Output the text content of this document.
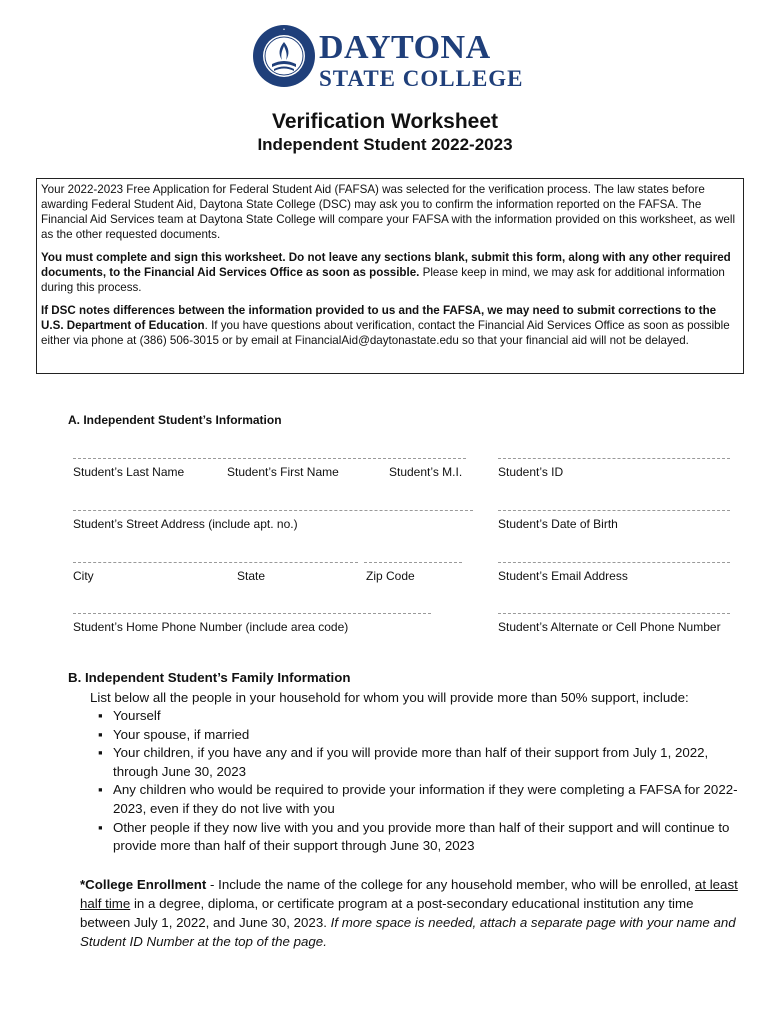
• DAYTONA
STATE COLLEGE
Verification Worksheet
Independent Student 2022-2023

Your 2022-2023 Free Application for Federal Student Aid (FAFSA) was selected for the verification process. The law states before awarding Federal Student Aid, Daytona State College (DSC) may ask you to confirm the information reported on the FAFSA. The Financial Aid Services team at Daytona State College will compare your FAFSA with the information provided on this worksheet, as well as the other requested documents.

You must complete and sign this worksheet. Do not leave any sections blank, submit this form, along with any other required documents, to the Financial Aid Services Office as soon as possible. Please keep in mind, we may ask for additional information during this process.

If DSC notes differences between the information provided to us and the FAFSA, we may need to submit corrections to the U.S. Department of Education. If you have questions about verification, contact the Financial Aid Services Office as soon as possible either via phone at (386) 506-3015 or by email at FinancialAid@daytonastate.edu so that your financial aid will not be delayed.

A. Independent Student’s Information
Student’s Last Name	Student’s First Name	Student’s M.I.	Student’s ID
Student’s Street Address (include apt. no.)	Student’s Date of Birth
City	State	Zip Code	Student’s Email Address
Student’s Home Phone Number (include area code)	Student’s Alternate or Cell Phone Number
B. Independent Student’s Family Information
List below all the people in your household for whom you will provide more than 50% support, include:
▪ Yourself
▪ Your spouse, if married
▪ Your children, if you have any and if you will provide more than half of their support from July 1, 2022, through June 30, 2023
▪ Any children who would be required to provide your information if they were completing a FAFSA for 2022-2023, even if they do not live with you
▪ Other people if they now live with you and you provide more than half of their support and will continue to provide more than half of their support through June 30, 2023
*College Enrollment - Include the name of the college for any household member, who will be enrolled, at least half time in a degree, diploma, or certificate program at a post-secondary educational institution any time between July 1, 2022, and June 30, 2023. If more space is needed, attach a separate page with your name and Student ID Number at the top of the page.
